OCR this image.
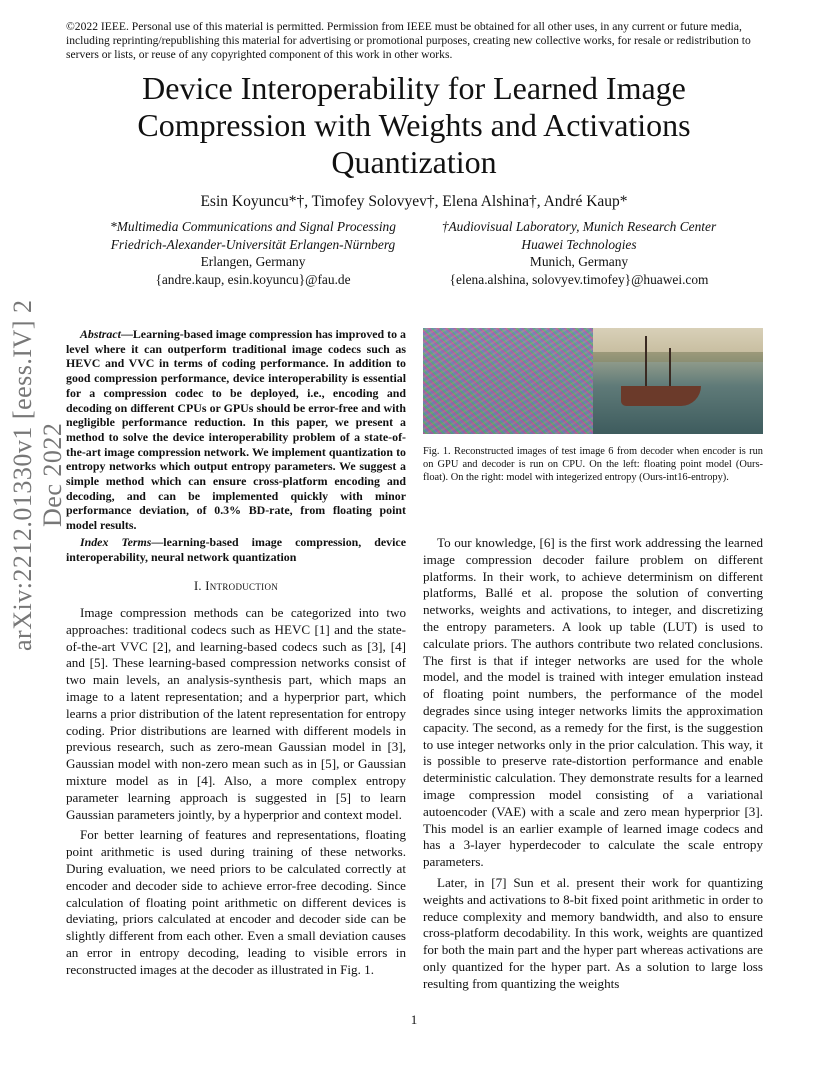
©2022 IEEE. Personal use of this material is permitted. Permission from IEEE must be obtained for all other uses, in any current or future media, including reprinting/republishing this material for advertising or promotional purposes, creating new collective works, for resale or redistribution to servers or lists, or reuse of any copyrighted component of this work in other works.
Device Interoperability for Learned Image
Compression with Weights and Activations
Quantization
Esin Koyuncu*†, Timofey Solovyev†, Elena Alshina†, André Kaup*
*Multimedia Communications and Signal Processing
Friedrich-Alexander-Universität Erlangen-Nürnberg
Erlangen, Germany
{andre.kaup, esin.koyuncu}@fau.de
†Audiovisual Laboratory, Munich Research Center
Huawei Technologies
Munich, Germany
{elena.alshina, solovyev.timofey}@huawei.com
arXiv:2212.01330v1 [eess.IV] 2 Dec 2022
Abstract—Learning-based image compression has improved to a level where it can outperform traditional image codecs such as HEVC and VVC in terms of coding performance. In addition to good compression performance, device interoperability is essential for a compression codec to be deployed, i.e., encoding and decoding on different CPUs or GPUs should be error-free and with negligible performance reduction. In this paper, we present a method to solve the device interoperability problem of a state-of-the-art image compression network. We implement quantization to entropy networks which output entropy parameters. We suggest a simple method which can ensure cross-platform encoding and decoding, and can be implemented quickly with minor performance deviation, of 0.3% BD-rate, from floating point model results.
Index Terms—learning-based image compression, device interoperability, neural network quantization
I. Introduction

Image compression methods can be categorized into two approaches: traditional codecs such as HEVC [1] and the state-of-the-art VVC [2], and learning-based codecs such as [3], [4] and [5]. These learning-based compression networks consist of two main levels, an analysis-synthesis part, which maps an image to a latent representation; and a hyperprior part, which learns a prior distribution of the latent representation for entropy coding. Prior distributions are learned with different models in previous research, such as zero-mean Gaussian model in [3], Gaussian model with non-zero mean such as in [5], or Gaussian mixture model as in [4]. Also, a more complex entropy parameter learning approach is suggested in [5] to learn Gaussian parameters jointly, by a hyperprior and context model.

For better learning of features and representations, floating point arithmetic is used during training of these networks. During evaluation, we need priors to be calculated correctly at encoder and decoder side to achieve error-free decoding. Since calculation of floating point arithmetic on different devices is deviating, priors calculated at encoder and decoder side can be slightly different from each other. Even a small deviation causes an error in entropy decoding, leading to visible errors in reconstructed images at the decoder as illustrated in Fig. 1.

Fig. 1. Reconstructed images of test image 6 from decoder when encoder is run on GPU and decoder is run on CPU. On the left: floating point model (Ours-float). On the right: model with integerized entropy (Ours-int16-entropy).

To our knowledge, [6] is the first work addressing the learned image compression decoder failure problem on different platforms. In their work, to achieve determinism on different platforms, Ballé et al. propose the solution of converting networks, weights and activations, to integer, and discretizing the entropy parameters. A look up table (LUT) is used to calculate priors. The authors contribute two related conclusions. The first is that if integer networks are used for the whole model, and the model is trained with integer emulation instead of floating point numbers, the performance of the model degrades since using integer networks limits the approximation capacity. The second, as a remedy for the first, is the suggestion to use integer networks only in the prior calculation. This way, it is possible to preserve rate-distortion performance and enable deterministic calculation. They demonstrate results for a learned image compression model consisting of a variational autoencoder (VAE) with a scale and zero mean hyperprior [3]. This model is an earlier example of learned image codecs and has a 3-layer hyperdecoder to calculate the scale entropy parameters.

Later, in [7] Sun et al. present their work for quantizing weights and activations to 8-bit fixed point arithmetic in order to reduce complexity and memory bandwidth, and also to ensure cross-platform decodability. In this work, weights are quantized for both the main part and the hyper part whereas activations are only quantized for the hyper part. As a solution to large loss resulting from quantizing the weights

1
